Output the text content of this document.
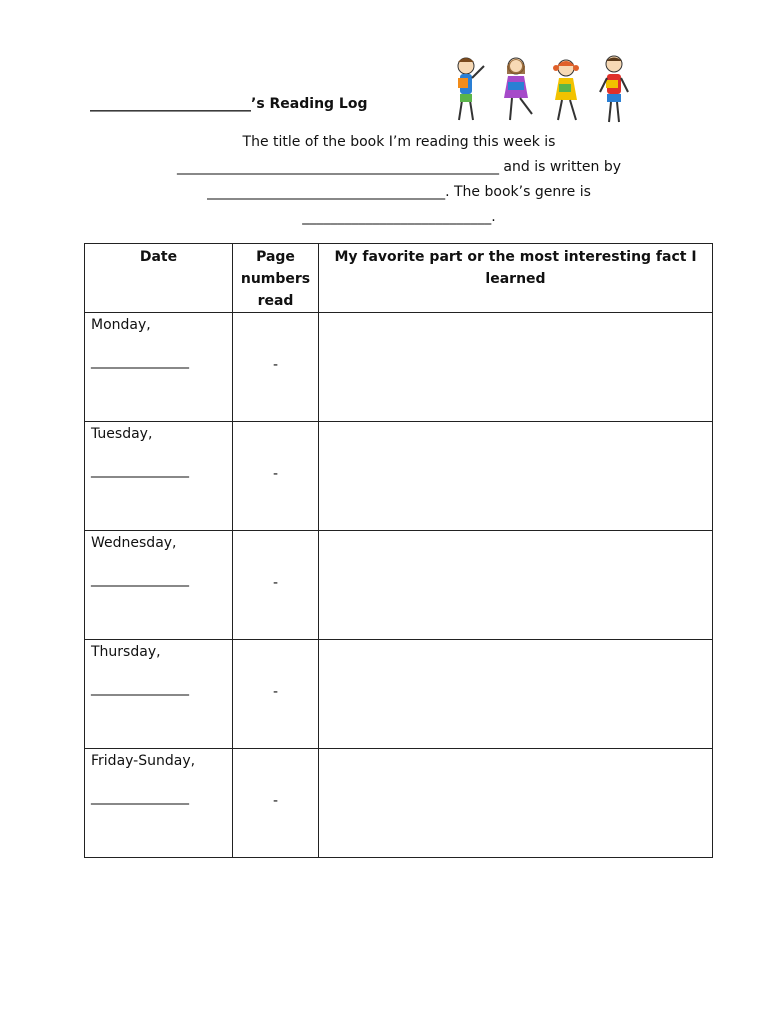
_______________________’s Reading Log
The title of the book I’m reading this week is
______________________________________________ and is written by
__________________________________. The book’s genre is
___________________________.
Date	Page numbers read	My favorite part or the most interesting fact I learned

Monday,
______________	-	

Tuesday,
______________	-	

Wednesday,
______________	-	

Thursday,
______________	-	

Friday-Sunday,
______________	-	
